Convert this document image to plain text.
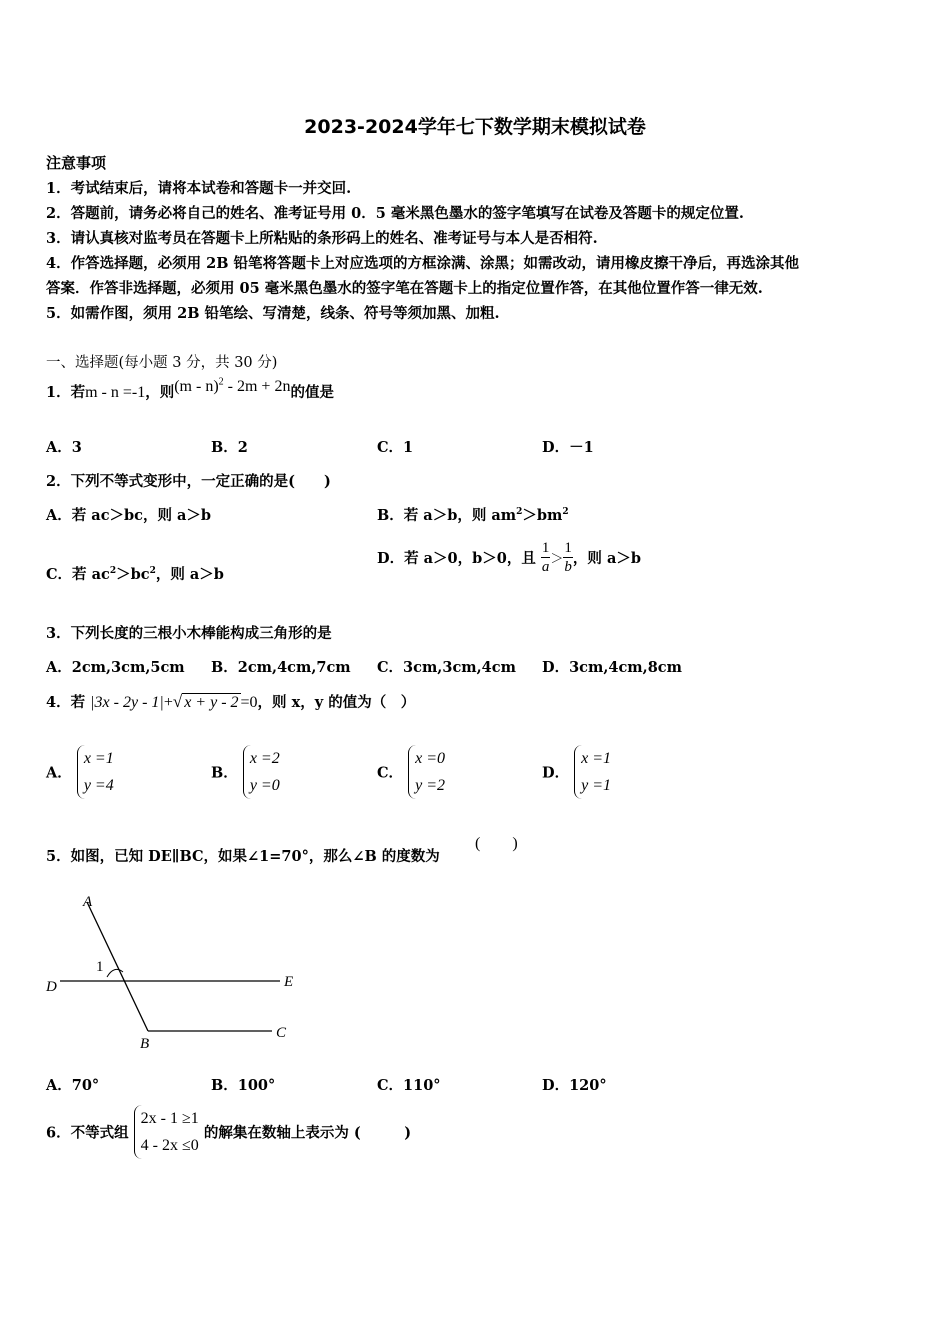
2023-2024学年七下数学期末模拟试卷
注意事项
1．考试结束后，请将本试卷和答题卡一并交回.
2．答题前，请务必将自己的姓名、准考证号用 0．5 毫米黑色墨水的签字笔填写在试卷及答题卡的规定位置.
3．请认真核对监考员在答题卡上所粘贴的条形码上的姓名、准考证号与本人是否相符.
4．作答选择题，必须用 2B 铅笔将答题卡上对应选项的方框涂满、涂黑；如需改动，请用橡皮擦干净后，再选涂其他
答案．作答非选择题，必须用 05 毫米黑色墨水的签字笔在答题卡上的指定位置作答，在其他位置作答一律无效.
5．如需作图，须用 2B 铅笔绘、写清楚，线条、符号等须加黑、加粗.
一、选择题(每小题 3 分，共 30 分)
1．若m - n =-1，则(m - n)$^2$ - 2m + 2n的值是
A．3	B．2	C．1	D．－1
2．下列不等式变形中，一定正确的是(　　)
A．若 ac＞bc，则 a＞b	B．若 a＞b，则 $am^2>bm^2$
C．若 $ac^2>bc^2$，则 a＞b
D．若 a＞0，b＞0，且 $\frac{1}{a} > \frac{1}{b}$ ，则 a＞b
3．下列长度的三根小木棒能构成三角形的是
A．2cm,3cm,5cm B．2cm,4cm,7cm C．3cm,3cm,4cm D．3cm,4cm,8cm
4．若 |3x - 2y - 1|+√ x + y - 2 =0，则 x，y 的值为（　）
A．
x =1
y =4
B．
x =2
y =0
C．
x =0
y =2
D．
x =1
y =1
5．如图，已知 DE∥BC，如果∠1=70°，那么∠B 的度数为
(　　)
A
D	E
B
C
1
A．70°	B．100°	C．110°	D．120°
6．不等式组
2x - 1 ≥1
4 - 2x ≤0
的解集在数轴上表示为 (　　　)
